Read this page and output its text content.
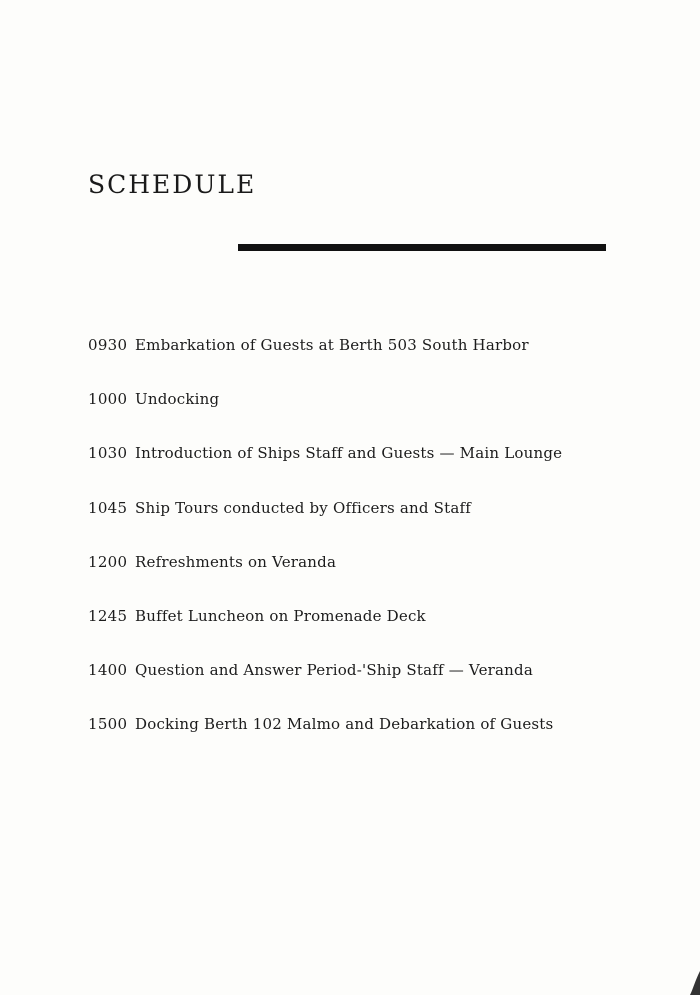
SCHEDULE
0930 Embarkation of Guests at Berth 503 South Harbor
1000 Undocking
1030 Introduction of Ships Staff and Guests — Main Lounge
1045 Ship Tours conducted by Officers and Staff
1200 Refreshments on Veranda
1245 Buffet Luncheon on Promenade Deck
1400 Question and Answer Period-'Ship Staff — Veranda
1500 Docking Berth 102 Malmo and Debarkation of Guests
